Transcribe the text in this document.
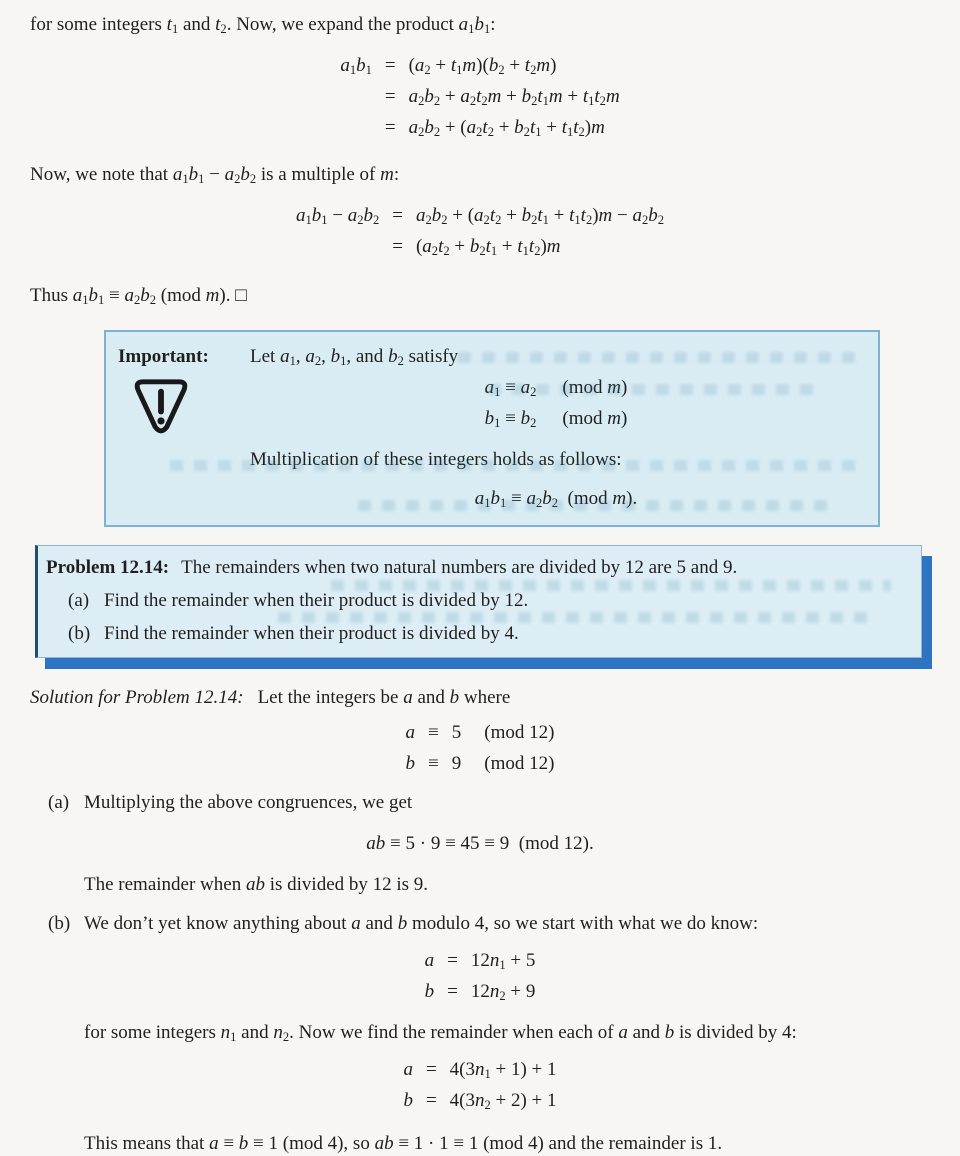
for some integers $t_1$ and $t_2$. Now, we expand the product $a_1b_1$:

$a_1b_1 = (a_2 + t_1m)(b_2 + t_2m)$
= $a_2b_2 + a_2t_2m + b_2t_1m + t_1t_2m$
= $a_2b_2 + (a_2t_2 + b_2t_1 + t_1t_2)m$

Now, we note that $a_1b_1 - a_2b_2$ is a multiple of m:

$a_1b_1 - a_2b_2 = a_2b_2 + (a_2t_2 + b_2t_1 + t_1t_2)m - a_2b_2$
= $(a_2t_2 + b_2t_1 + t_1t_2)m$

Thus $a_1b_1 \equiv a_2b_2$ (mod m). □

Important:	Let $a_1$, $a_2$, $b_1$, and $b_2$ satisfy

$a_1 \equiv a_2$ (mod m)
$b_1 \equiv b_2$ (mod m)

Multiplication of these integers holds as follows:

$a_1b_1 \equiv a_2b_2$ (mod m).

Problem 12.14: The remainders when two natural numbers are divided by 12 are 5 and 9.

(a) Find the remainder when their product is divided by 12.
(b) Find the remainder when their product is divided by 4.

Solution for Problem 12.14: Let the integers be a and b where

a ≡ 5	(mod 12)
b ≡ 9	(mod 12)
(a) Multiplying the above congruences, we get

ab ≡ 5 · 9 ≡ 45 ≡ 9 (mod 12).

The remainder when ab is divided by 12 is 9.

(b) We don’t yet know anything about a and b modulo 4, so we start with what we do know:
$a = 12n_1 + 5$
$b = 12n_2 + 9$

for some integers $n_1$ and $n_2$. Now we find the remainder when each of a and b is divided by 4:

$a = 4(3n_1 + 1) + 1$
$b = 4(3n_2 + 2) + 1$

This means that a ≡ b ≡ 1 (mod 4), so ab ≡ 1 · 1 ≡ 1 (mod 4) and the remainder is 1.
